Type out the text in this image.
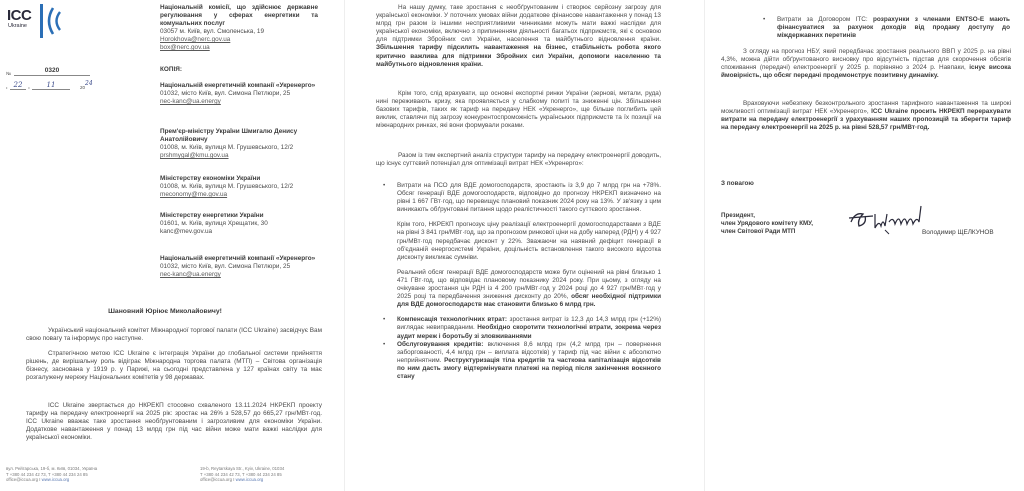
ICC
Ukraine
№	0320
• 22	•	11	20
24
Національній комісії, що здійснює державне регулювання у сферах енергетики та комунальних послуг
03057 м. Київ, вул. Смоленська, 19
Horokhova@nerc.gov.ua
box@nerc.gov.ua
КОПІЯ:
Національній енергетичній компанії «Укренерго»
01032, місто Київ, вул. Симона Петлюри, 25
nec-kanc@ua.energy
Прем'єр-міністру України Шмигалю Денису Анатолійовичу
01008, м. Київ, вулиця М. Грушевського, 12/2
prshmygal@kmu.gov.ua
Міністерству економіки України
01008, м. Київ, вулиця М. Грушевського, 12/2
meconomy@me.gov.ua
Міністерству енергетики України
01601, м. Київ, вулиця Хрещатик, 30
kanc@mev.gov.ua
Національній енергетичній компанії «Укренерго»
01032, місто Київ, вул. Симона Петлюри, 25
nec-kanc@ua.energy
Шановний Юріює Миколайовичу!
Український національний комітет Міжнародної торгової палати (ICC Ukraine) засвідчує Вам свою повагу та інформує про наступне.
Стратегічною метою ICC Ukraine є інтеграція України до глобальної системи прийняття рішень, де вирішальну роль відіграє Міжнародна торгова палата (МТП) – Світова організація бізнесу, заснована у 1919 р. у Парижі, на сьогодні представлена у 127 країнах світу та має розгалужену мережу Національних комітетів у 98 державах.
ICC Ukraine звертається до НКРЕКП стосовно схваленого 13.11.2024 НКРЕКП проекту тарифу на передачу електроенергії на 2025 рік: зростає на 26% з 528,57 до 665,27 грн/МВт·год. ICC Ukraine вважає таке зростання необґрунтованим і загрозливим для економіки України. Додаткове навантаження у понад 13 млрд грн під час війни може мати важкі наслідки для української економіки.
вул. Рейтарська, 19-б, м. Київ, 01034, Україна
T +380 44 234 42 73, T +380 44 234 24 85
office@iccua.org I www.iccua.org
19-b, Reytarskaya Str., Kyiv, Ukraine, 01034
T +380 44 234 42 73, T +380 44 234 24 85
office@iccua.org I www.iccua.org
На нашу думку, таке зростання є необґрунтованим і створює серйозну загрозу для української економіки. У поточних умовах війни додаткове фінансове навантаження у понад 13 млрд грн разом із іншими несприятливими чинниками можуть мати важкі наслідки для української економіки, включно з припиненням діяльності багатьох підприємств, які є основою для підтримки Збройних сил України, населення та майбутнього відновлення країни. Збільшення тарифу підсилить навантаження на бізнес, стабільність робота якого критично важлива для підтримки Збройних сил України, допомоги населенню та майбутнього відновлення країни.
Крім того, слід врахувати, що основні експортні ринки України (зернові, метали, руда) нині переживають кризу, яка проявляється у слабкому попиті та зниженні цін. Збільшення базових тарифів, таких як тариф на передачу НЕК «Укренерго», ще більше поглибить цей виклик, ставлячи під загрозу конкурентоспроможність українських підприємств та їх позиції на міжнародних ринках, які вони формували роками.
Разом із тим експертний аналіз структури тарифу на передачу електроенергії доводить, що існує суттєвий потенціал для оптимізації витрат НЕК «Укренерго»:
• Витрати на ПСО для ВДЕ домогосподарств, зростають із 3,9 до 7 млрд грн на +78%. Обсяг генерації ВДЕ домогосподарств, відповідно до прогнозу НКРЕКП визначено на рівні 1 667 ГВт·год, що перевищує плановий показник 2024 року на 13%. У зв'язку з цим виникають обґрунтовані питання щодо реалістичності такого суттєвого зростання.
Крім того, НКРЕКП прогнозує ціну реалізації електроенергії домогосподарствами з ВДЕ на рівні 3 841 грн/МВт·год, що за прогнозом ринкової ціни на добу наперед (РДН) у 4 927 грн/МВт·год передбачає дисконт у 22%. Зважаючи на наявний дефіцит генерації в об'єднаній енергосистемі України, доцільність встановлення такого високого відсотка дисконту викликає сумніви.
Реальний обсяг генерації ВДЕ домогосподарств може бути оцінений на рівні близько 1 471 ГВт·год, що відповідає плановому показнику 2024 року. При цьому, з огляду на очікуване зростання цін РДН із 4 200 грн/МВт·год у 2024 році до 4 927 грн/МВт·год у 2025 році та передбачення зниження дисконту до 20%, обсяг необхідної підтримки для ВДЕ домогосподарств має становити близько 6 млрд грн.
• Компенсація технологічних втрат: зростання витрат із 12,3 до 14,3 млрд грн (+12%) виглядає невиправданим. Необхідно скоротити технологічні втрати, зокрема через аудит мереж і боротьбу зі зловживаннями
• Обслуговування кредитів: включення 8,6 млрд грн (4,2 млрд грн – повернення заборгованості, 4,4 млрд грн – виплата відсотків) у тариф під час війни є абсолютно неприйнятним. Реструктуризація тіла кредитів та часткова капіталізація відсотків по ним дасть змогу відтермінувати платежі на період після закінчення воєнного стану
• Витрати за Договором ITC: розрахунки з членами ENTSO-E мають фінансуватися за рахунок доходів від продажу доступу до міждержавних перетинів
З огляду на прогноз НБУ, який передбачає зростання реального ВВП у 2025 р. на рівні 4,3%, можна дійти обґрунтованого висновку про відсутність підстав для скорочення обсягів споживання (передачі) електроенергії у 2025 р. порівняно з 2024 р. Навпаки, існує висока ймовірність, що обсяг передачі продемонструє позитивну динаміку.
Враховуючи небезпеку безконтрольного зростання тарифного навантаження та широкі можливості оптимізації витрат НЕК «Укренерго», ICC Ukraine просить НКРЕКП перерахувати витрати на передачу електроенергії з урахуванням наших пропозицій та зберегти тариф на передачу електроенергії на 2025 р. на рівні 528,57 грн/МВт·год.
З повагою
Президент,
член Урядового комітету КМУ,
член Світової Ради МТП	Володимир ЩЕЛКУНОВ
